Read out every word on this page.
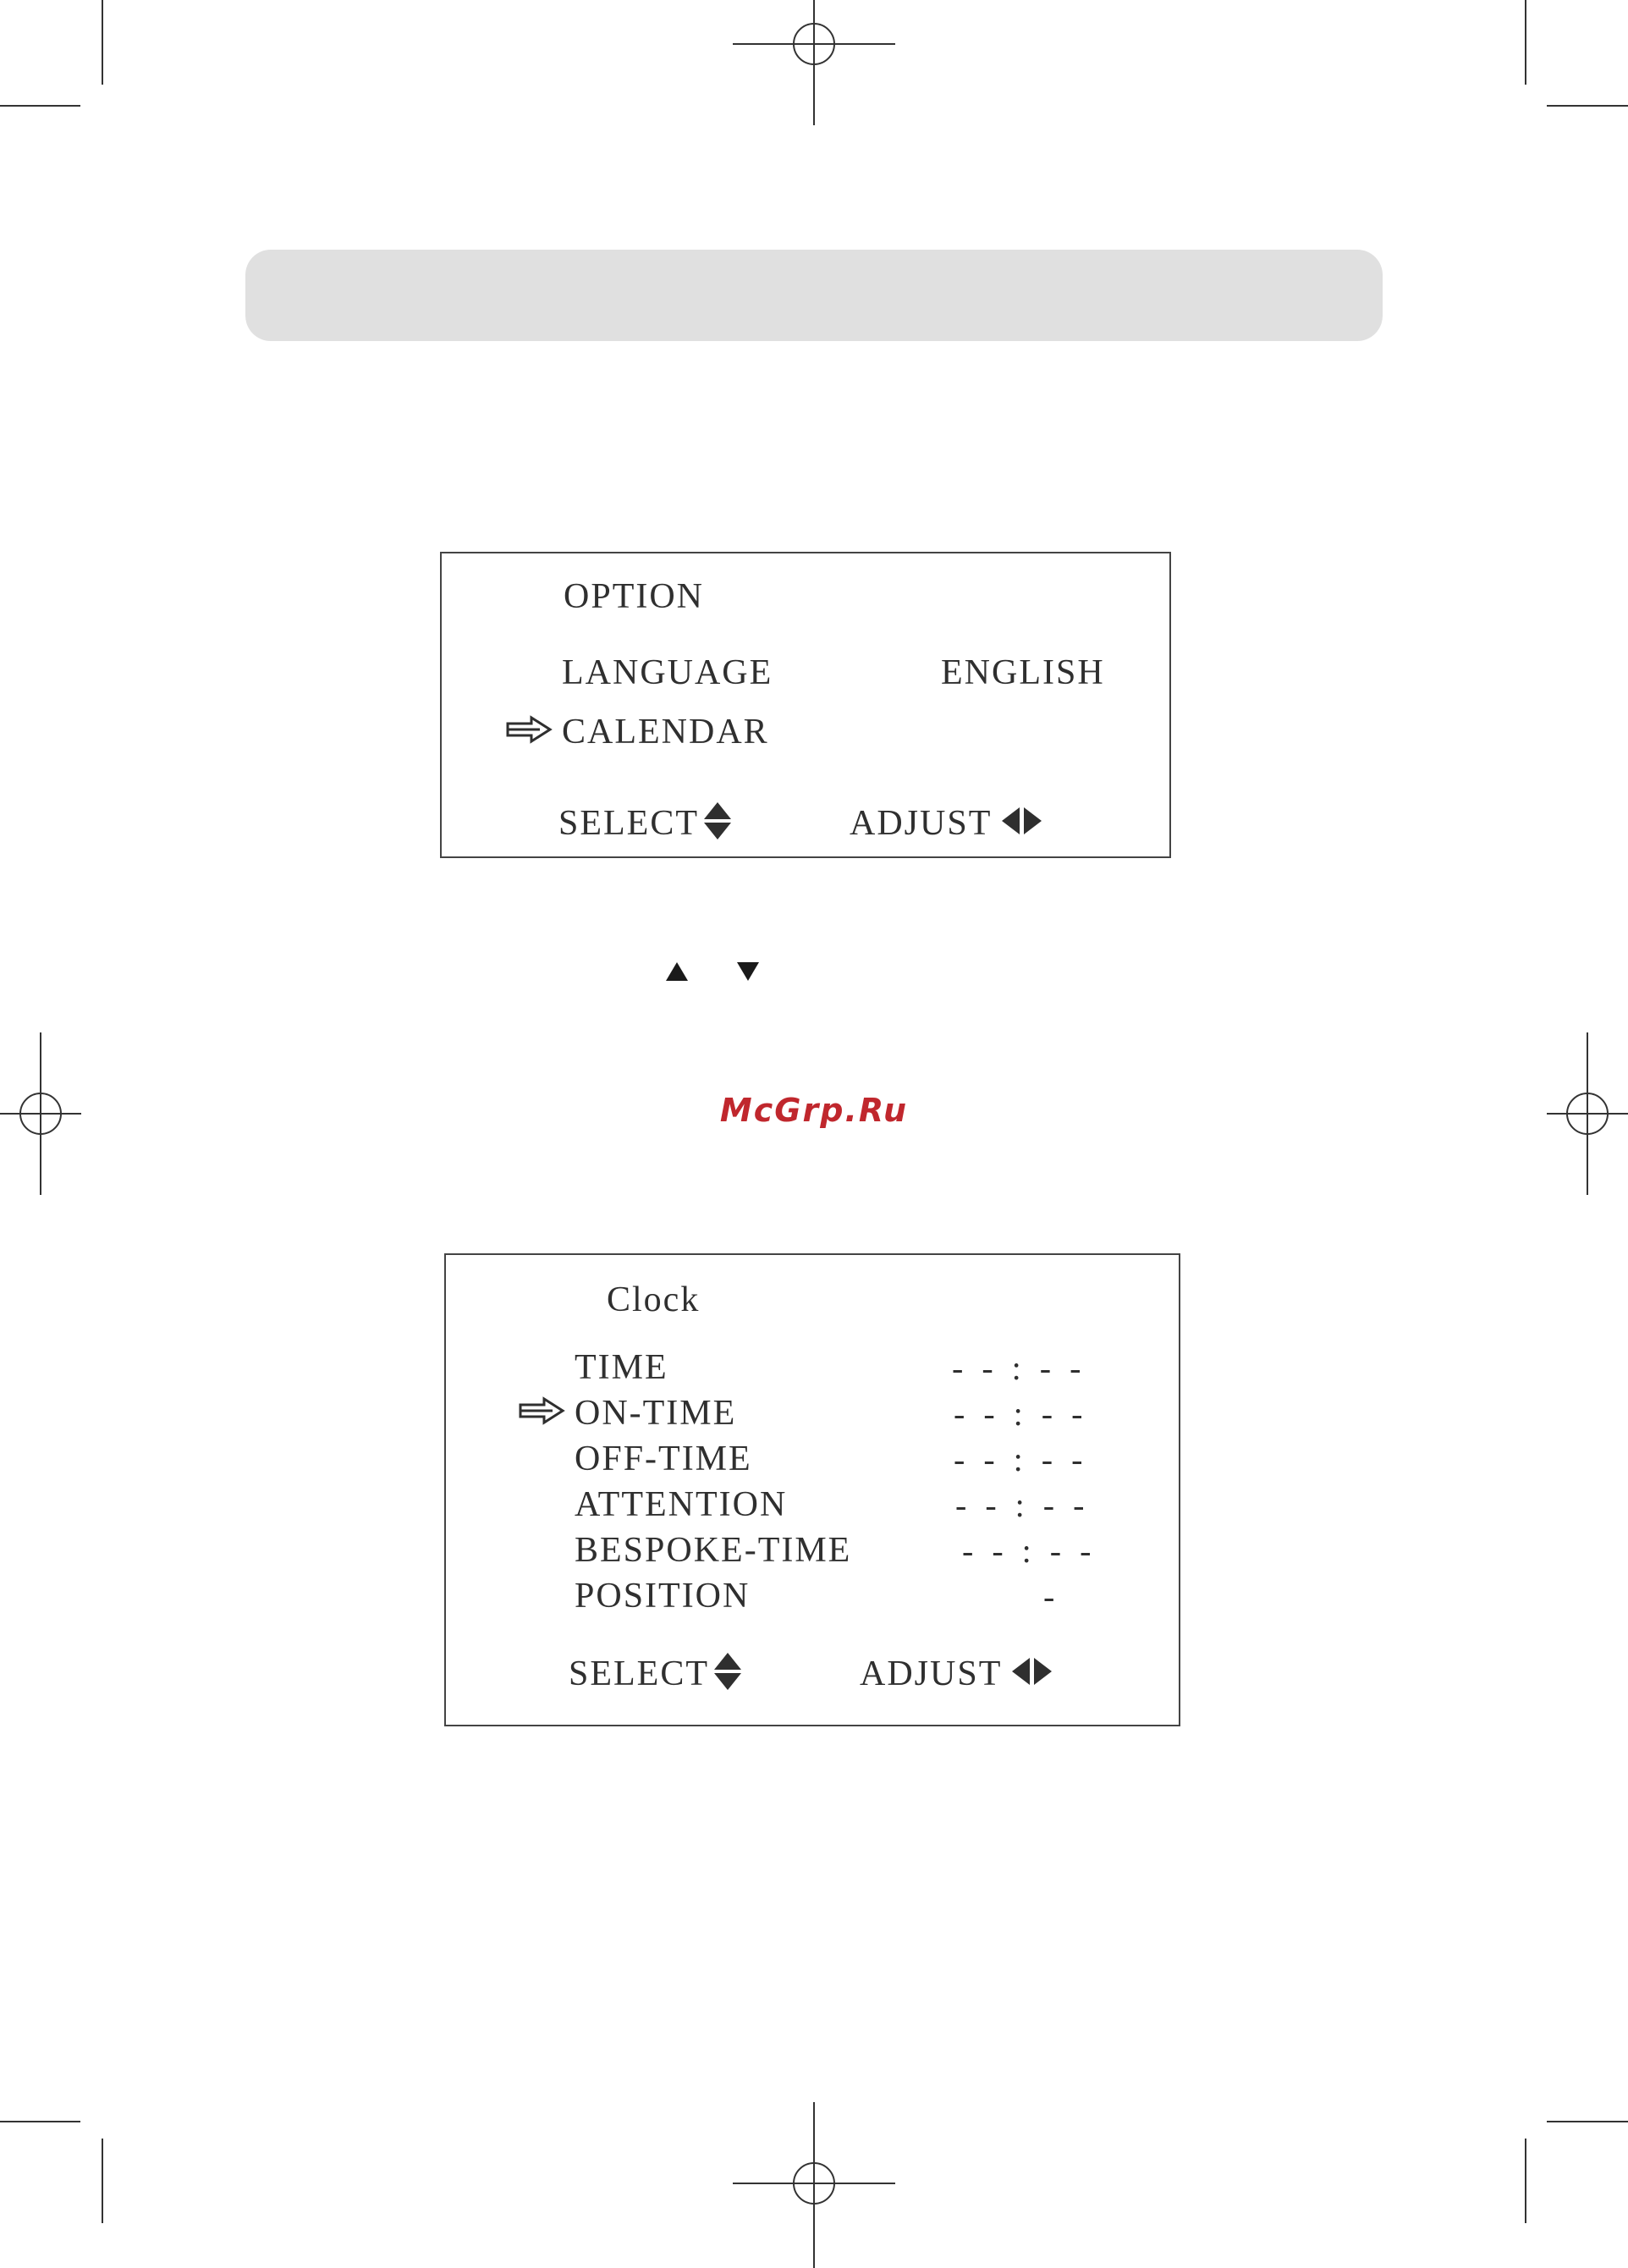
OPTION
LANGUAGE	ENGLISH
CALENDAR
SELECT	ADJUST
McGrp.Ru
Clock
TIME	- - : - -
ON-TIME	- - : - -
OFF-TIME	- - : - -
ATTENTION	- - : - -
BESPOKE-TIME	- - : - -
POSITION	-
SELECT	ADJUST
